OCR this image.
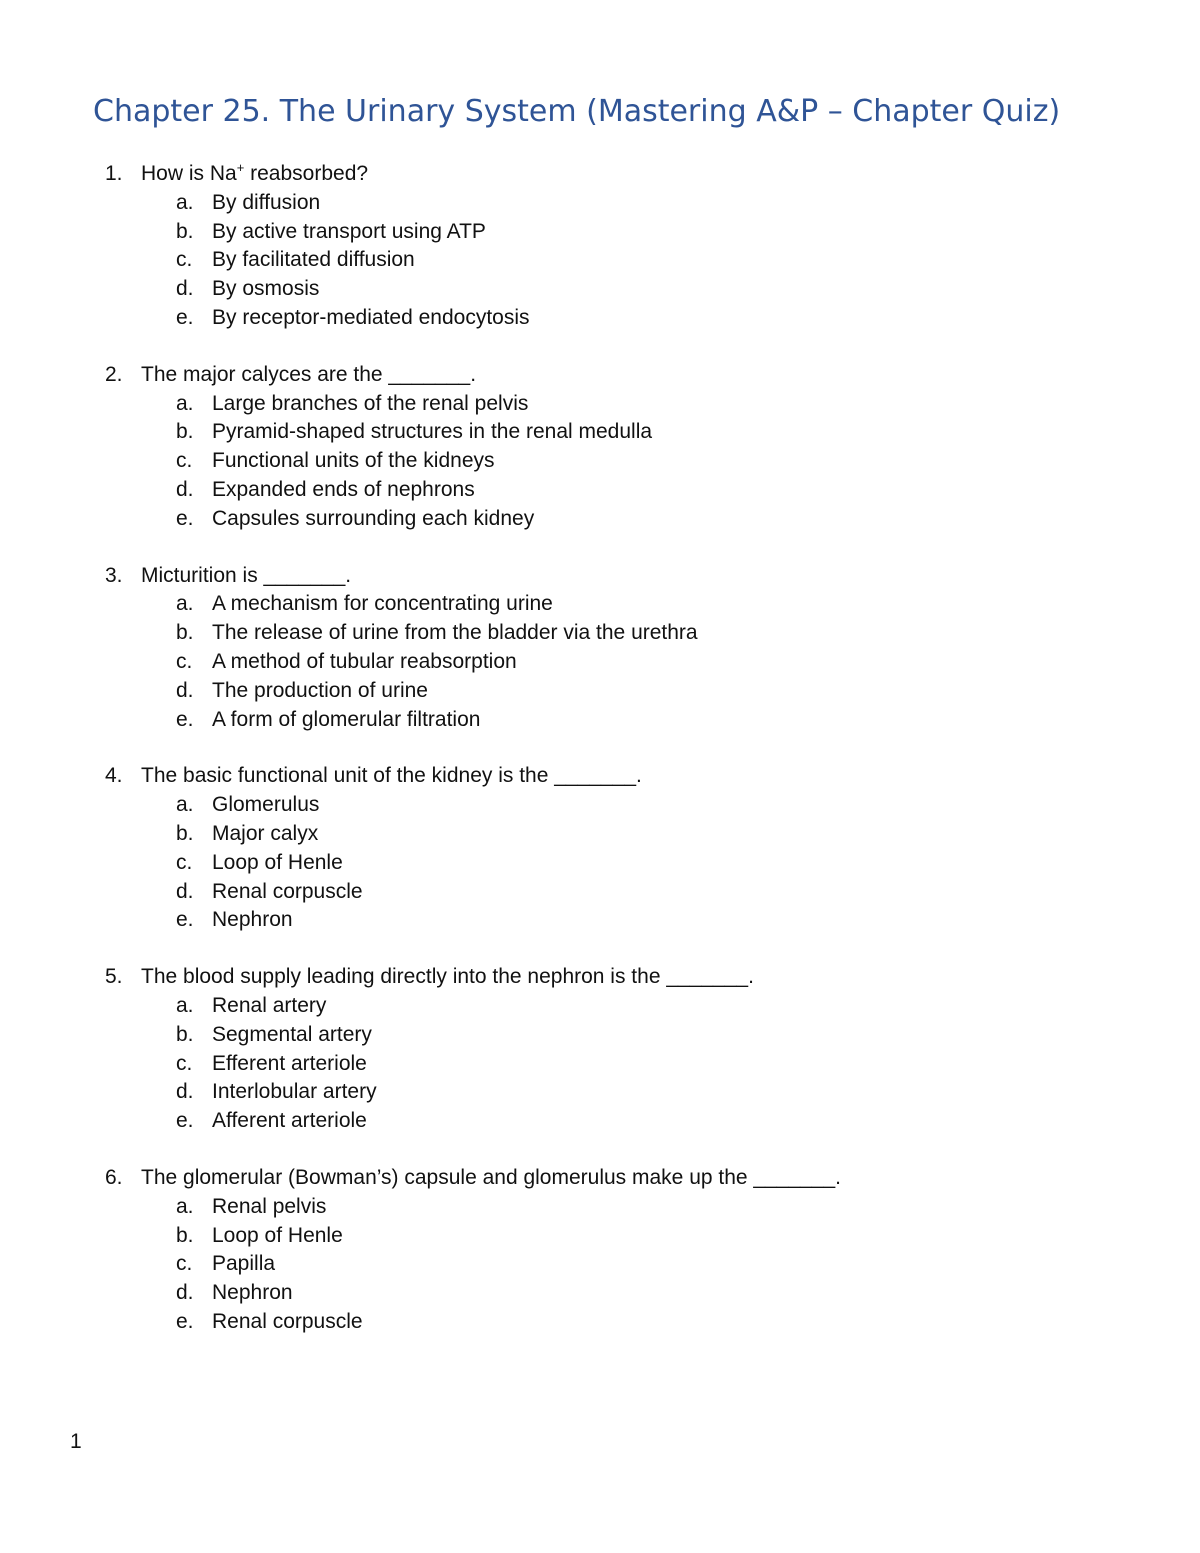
Chapter 25. The Urinary System (Mastering A&P – Chapter Quiz)
1. How is Na+ reabsorbed?
a. By diffusion
b. By active transport using ATP
c. By facilitated diffusion
d. By osmosis
e. By receptor-mediated endocytosis
2. The major calyces are the _______.
a. Large branches of the renal pelvis
b. Pyramid-shaped structures in the renal medulla
c. Functional units of the kidneys
d. Expanded ends of nephrons
e. Capsules surrounding each kidney
3. Micturition is _______.
a. A mechanism for concentrating urine
b. The release of urine from the bladder via the urethra
c. A method of tubular reabsorption
d. The production of urine
e. A form of glomerular filtration
4. The basic functional unit of the kidney is the _______.
a. Glomerulus
b. Major calyx
c. Loop of Henle
d. Renal corpuscle
e. Nephron
5. The blood supply leading directly into the nephron is the _______.
a. Renal artery
b. Segmental artery
c. Efferent arteriole
d. Interlobular artery
e. Afferent arteriole
6. The glomerular (Bowman’s) capsule and glomerulus make up the _______.
a. Renal pelvis
b. Loop of Henle
c. Papilla
d. Nephron
e. Renal corpuscle
1
